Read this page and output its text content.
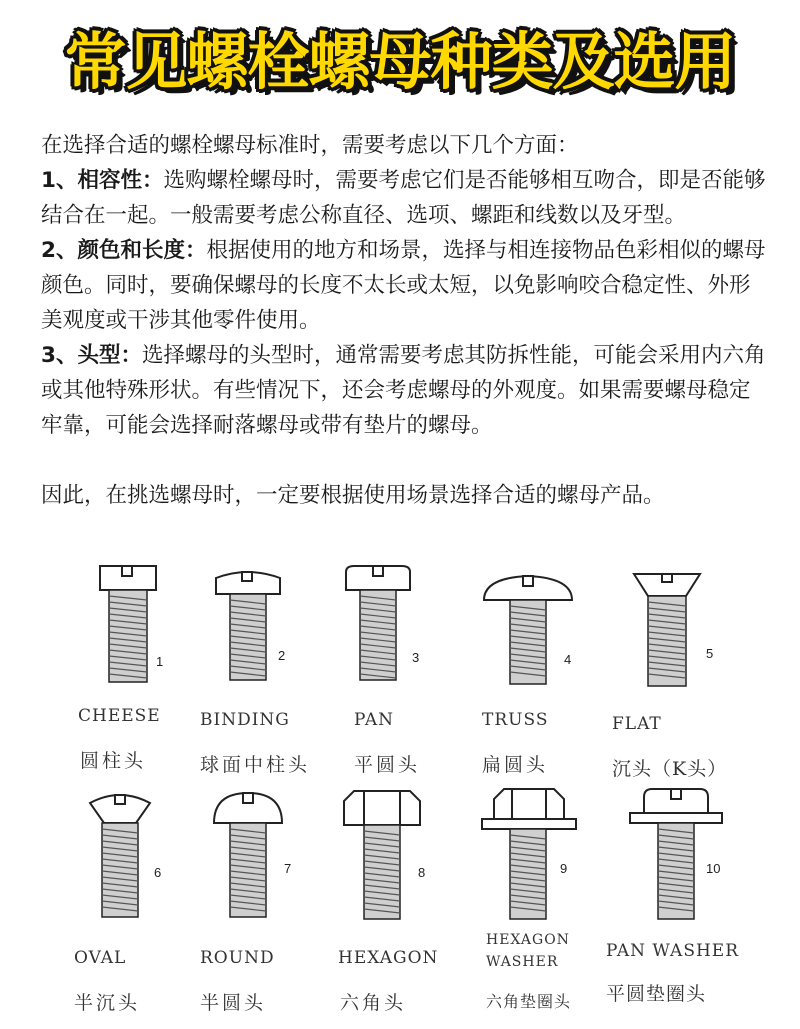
常见螺栓螺母种类及选用

在选择合适的螺栓螺母标准时，需要考虑以下几个方面：

1、相容性：选购螺栓螺母时，需要考虑它们是否能够相互吻合，即是否能够结合在一起。一般需要考虑公称直径、选项、螺距和线数以及牙型。

2、颜色和长度：根据使用的地方和场景，选择与相连接物品色彩相似的螺母颜色。同时，要确保螺母的长度不太长或太短，以免影响咬合稳定性、外形美观度或干涉其他零件使用。

3、头型：选择螺母的头型时，通常需要考虑其防拆性能，可能会采用内六角或其他特殊形状。有些情况下，还会考虑螺母的外观度。如果需要螺母稳定牢靠，可能会选择耐落螺母或带有垫片的螺母。

因此，在挑选螺母时，一定要根据使用场景选择合适的螺母产品。

1
CHEESE
圆柱头
2
BINDING
球面中柱头
3
PAN
平圆头
4
TRUSS
扁圆头
5
FLAT
沉头（K头）
6
OVAL
半沉头
7
ROUND
半圆头
8
HEXAGON
六角头
9
HEXAGON WASHER
六角垫圈头
10
PAN WASHER
平圆垫圈头
